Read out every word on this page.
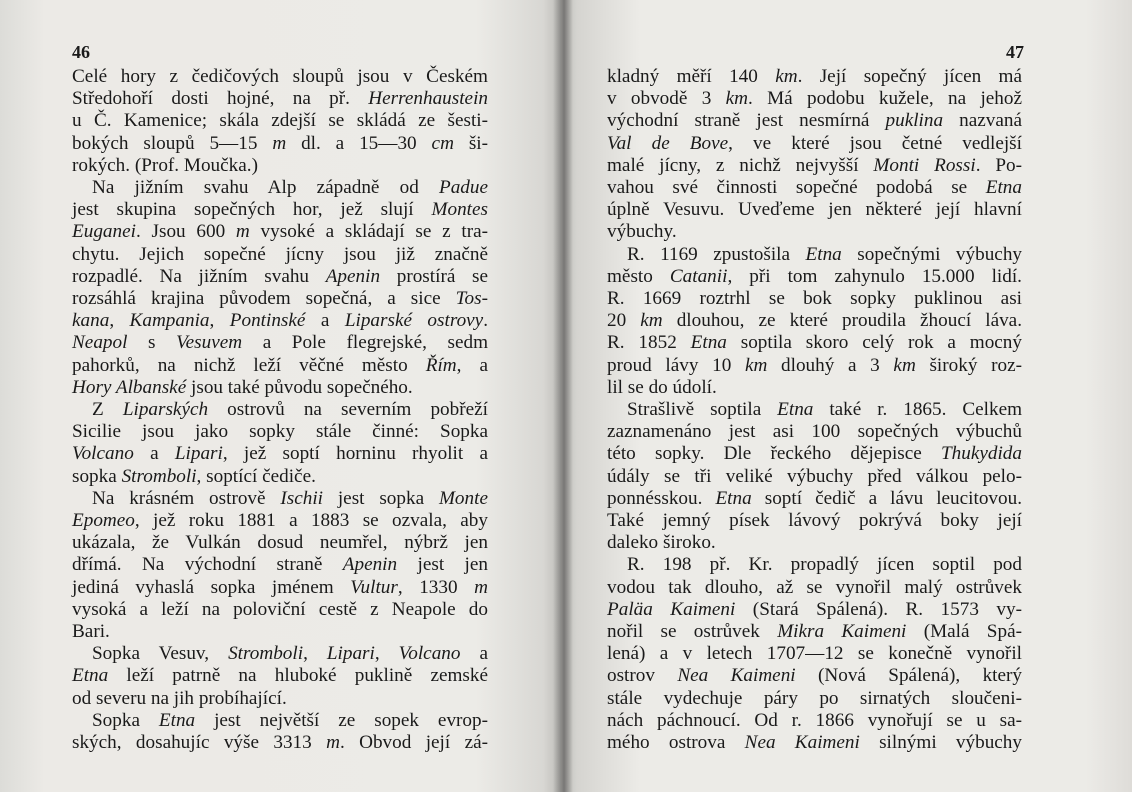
46
Celé hory z čedičových sloupů jsou v Českém
Středohoří dosti hojné, na př. Herrenhaustein
u Č. Kamenice; skála zdejší se skládá ze šesti-
bokých sloupů 5—15 m dl. a 15—30 cm ši-
rokých. (Prof. Moučka.)
Na jižním svahu Alp západně od Padue
jest skupina sopečných hor, jež slují Montes
Euganei. Jsou 600 m vysoké a skládají se z tra-
chytu. Jejich sopečné jícny jsou již značně
rozpadlé. Na jižním svahu Apenin prostírá se
rozsáhlá krajina původem sopečná, a sice Tos-
kana, Kampania, Pontinské a Liparské ostrovy.
Neapol s Vesuvem a Pole flegrejské, sedm
pahorků, na nichž leží věčné město Řím, a
Hory Albanské jsou také původu sopečného.
Z Liparských ostrovů na severním pobřeží
Sicilie jsou jako sopky stále činné: Sopka
Volcano a Lipari, jež soptí horninu rhyolit a
sopka Stromboli, soptící čediče.
Na krásném ostrově Ischii jest sopka Monte
Epomeo, jež roku 1881 a 1883 se ozvala, aby
ukázala, že Vulkán dosud neumřel, nýbrž jen
dřímá. Na východní straně Apenin jest jen
jediná vyhaslá sopka jménem Vultur, 1330 m
vysoká a leží na poloviční cestě z Neapole do
Bari.
Sopka Vesuv, Stromboli, Lipari, Volcano a
Etna leží patrně na hluboké puklině zemské
od severu na jih probíhající.
Sopka Etna jest největší ze sopek evrop-
ských, dosahujíc výše 3313 m. Obvod její zá-
47
kladný měří 140 km. Její sopečný jícen má
v obvodě 3 km. Má podobu kužele, na jehož
východní straně jest nesmírná puklina nazvaná
Val de Bove, ve které jsou četné vedlejší
malé jícny, z nichž nejvyšší Monti Rossi. Po-
vahou své činnosti sopečné podobá se Etna
úplně Vesuvu. Uveďeme jen některé její hlavní
výbuchy.
R. 1169 zpustošila Etna sopečnými výbuchy
město Catanii, při tom zahynulo 15.000 lidí.
R. 1669 roztrhl se bok sopky puklinou asi
20 km dlouhou, ze které proudila žhoucí láva.
R. 1852 Etna soptila skoro celý rok a mocný
proud lávy 10 km dlouhý a 3 km široký roz-
lil se do údolí.
Strašlivě soptila Etna také r. 1865. Celkem
zaznamenáno jest asi 100 sopečných výbuchů
této sopky. Dle řeckého dějepisce Thukydida
údály se tři veliké výbuchy před válkou pelo-
ponnésskou. Etna soptí čedič a lávu leucitovou.
Také jemný písek lávový pokrývá boky její
daleko široko.
R. 198 př. Kr. propadlý jícen soptil pod
vodou tak dlouho, až se vynořil malý ostrůvek
Paläa Kaimeni (Stará Spálená). R. 1573 vy-
nořil se ostrůvek Mikra Kaimeni (Malá Spá-
lená) a v letech 1707—12 se konečně vynořil
ostrov Nea Kaimeni (Nová Spálená), který
stále vydechuje páry po sirnatých sloučeni-
nách páchnoucí. Od r. 1866 vynořují se u sa-
mého ostrova Nea Kaimeni silnými výbuchy
